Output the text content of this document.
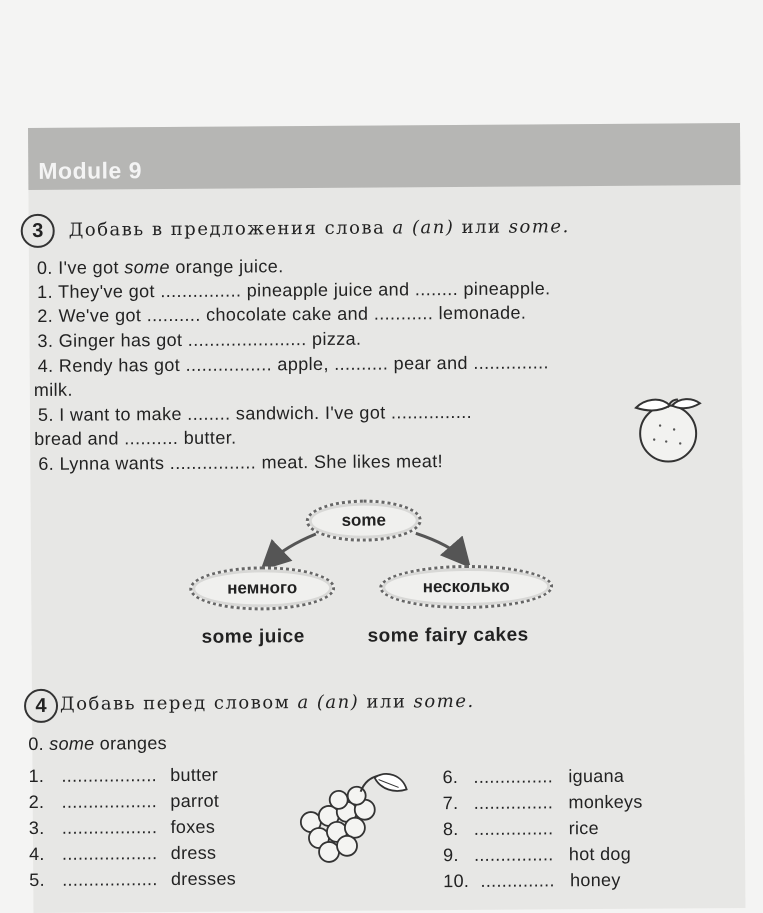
Module 9
3	Добавь в предложения слова a (an) или some.
0. I've got some orange juice.
1. They've got ............... pineapple juice and ........ pineapple.
2. We've got .......... chocolate cake and ........... lemonade.
3. Ginger has got ...................... pizza.
4. Rendy has got ................ apple, .......... pear and ..............
milk.
5. I want to make ........ sandwich. I've got ...............
bread and .......... butter.
6. Lynna wants ................ meat. She likes meat!
some
немного	несколько
some juice	some fairy cakes
4 Добавь перед словом a (an) или some.
0. some oranges
1. .................. butter
2. .................. parrot
3. .................. foxes
4. .................. dress
5. .................. dresses
6. ............... iguana
7. ............... monkeys
8. ............... rice
9. ............... hot dog
10. .............. honey
